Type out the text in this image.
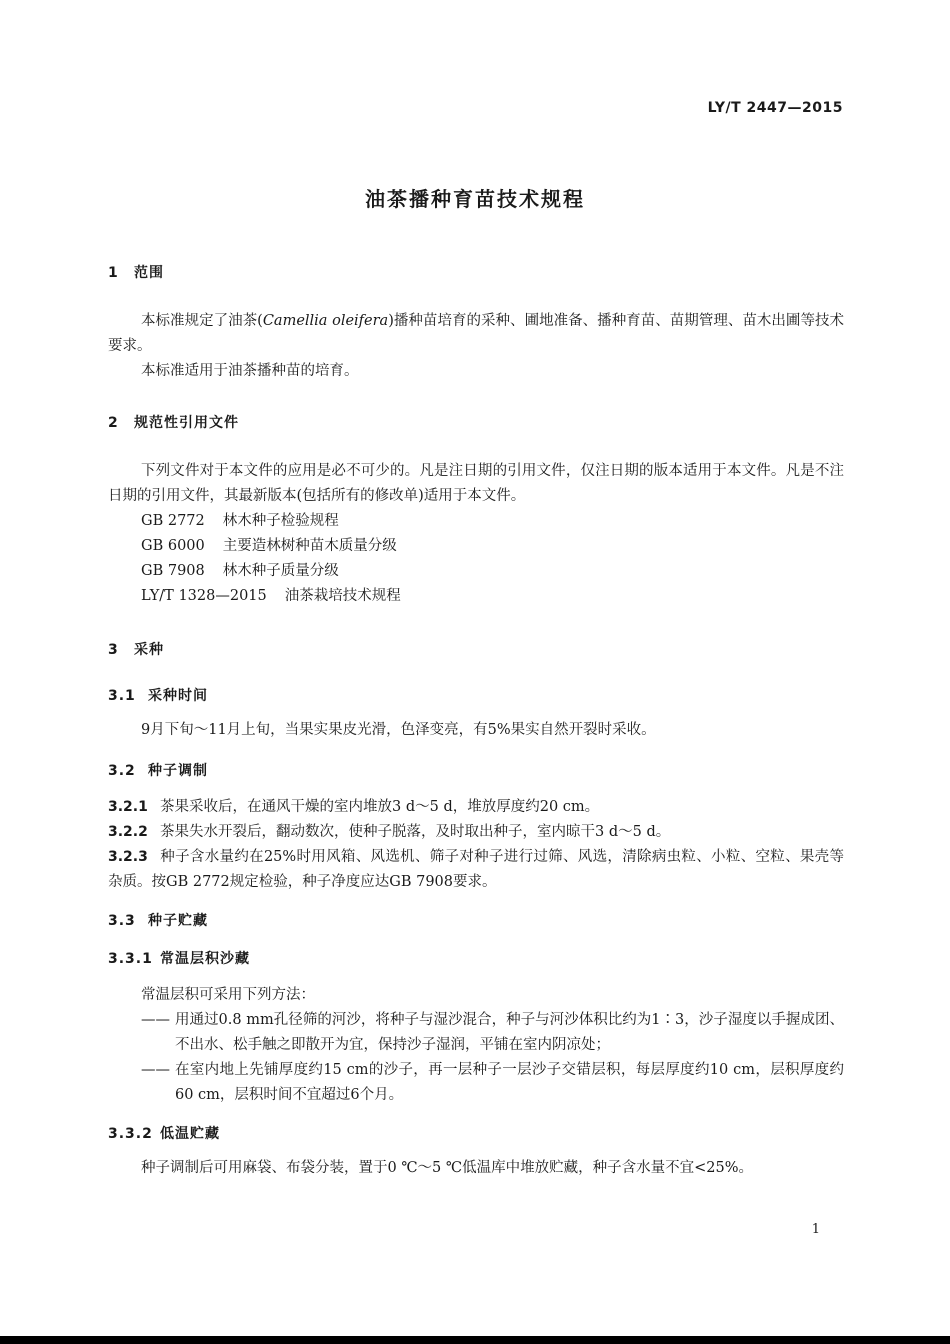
LY/T 2447—2015
油茶播种育苗技术规程
1 范围
本标准规定了油茶(Camellia oleifera)播种苗培育的采种、圃地准备、播种育苗、苗期管理、苗木出圃等技术要求。
本标准适用于油茶播种苗的培育。
2 规范性引用文件
下列文件对于本文件的应用是必不可少的。凡是注日期的引用文件，仅注日期的版本适用于本文件。凡是不注日期的引用文件，其最新版本(包括所有的修改单)适用于本文件。
GB 2772 林木种子检验规程
GB 6000 主要造林树种苗木质量分级
GB 7908 林木种子质量分级
LY/T 1328—2015 油茶栽培技术规程
3 采种
3.1 采种时间
9月下旬～11月上旬，当果实果皮光滑，色泽变亮，有5%果实自然开裂时采收。
3.2 种子调制
3.2.1 茶果采收后，在通风干燥的室内堆放3 d～5 d，堆放厚度约20 cm。
3.2.2 茶果失水开裂后，翻动数次，使种子脱落，及时取出种子，室内晾干3 d～5 d。
3.2.3 种子含水量约在25%时用风箱、风选机、筛子对种子进行过筛、风选，清除病虫粒、小粒、空粒、果壳等杂质。按GB 2772规定检验，种子净度应达GB 7908要求。
3.3 种子贮藏
3.3.1 常温层积沙藏
常温层积可采用下列方法：
—— 用通过0.8 mm孔径筛的河沙，将种子与湿沙混合，种子与河沙体积比约为1∶3，沙子湿度以手握成团、不出水、松手触之即散开为宜，保持沙子湿润，平铺在室内阴凉处；
—— 在室内地上先铺厚度约15 cm的沙子，再一层种子一层沙子交错层积，每层厚度约10 cm，层积厚度约60 cm，层积时间不宜超过6个月。
3.3.2 低温贮藏
种子调制后可用麻袋、布袋分装，置于0 ℃～5 ℃低温库中堆放贮藏，种子含水量不宜<25%。
1
